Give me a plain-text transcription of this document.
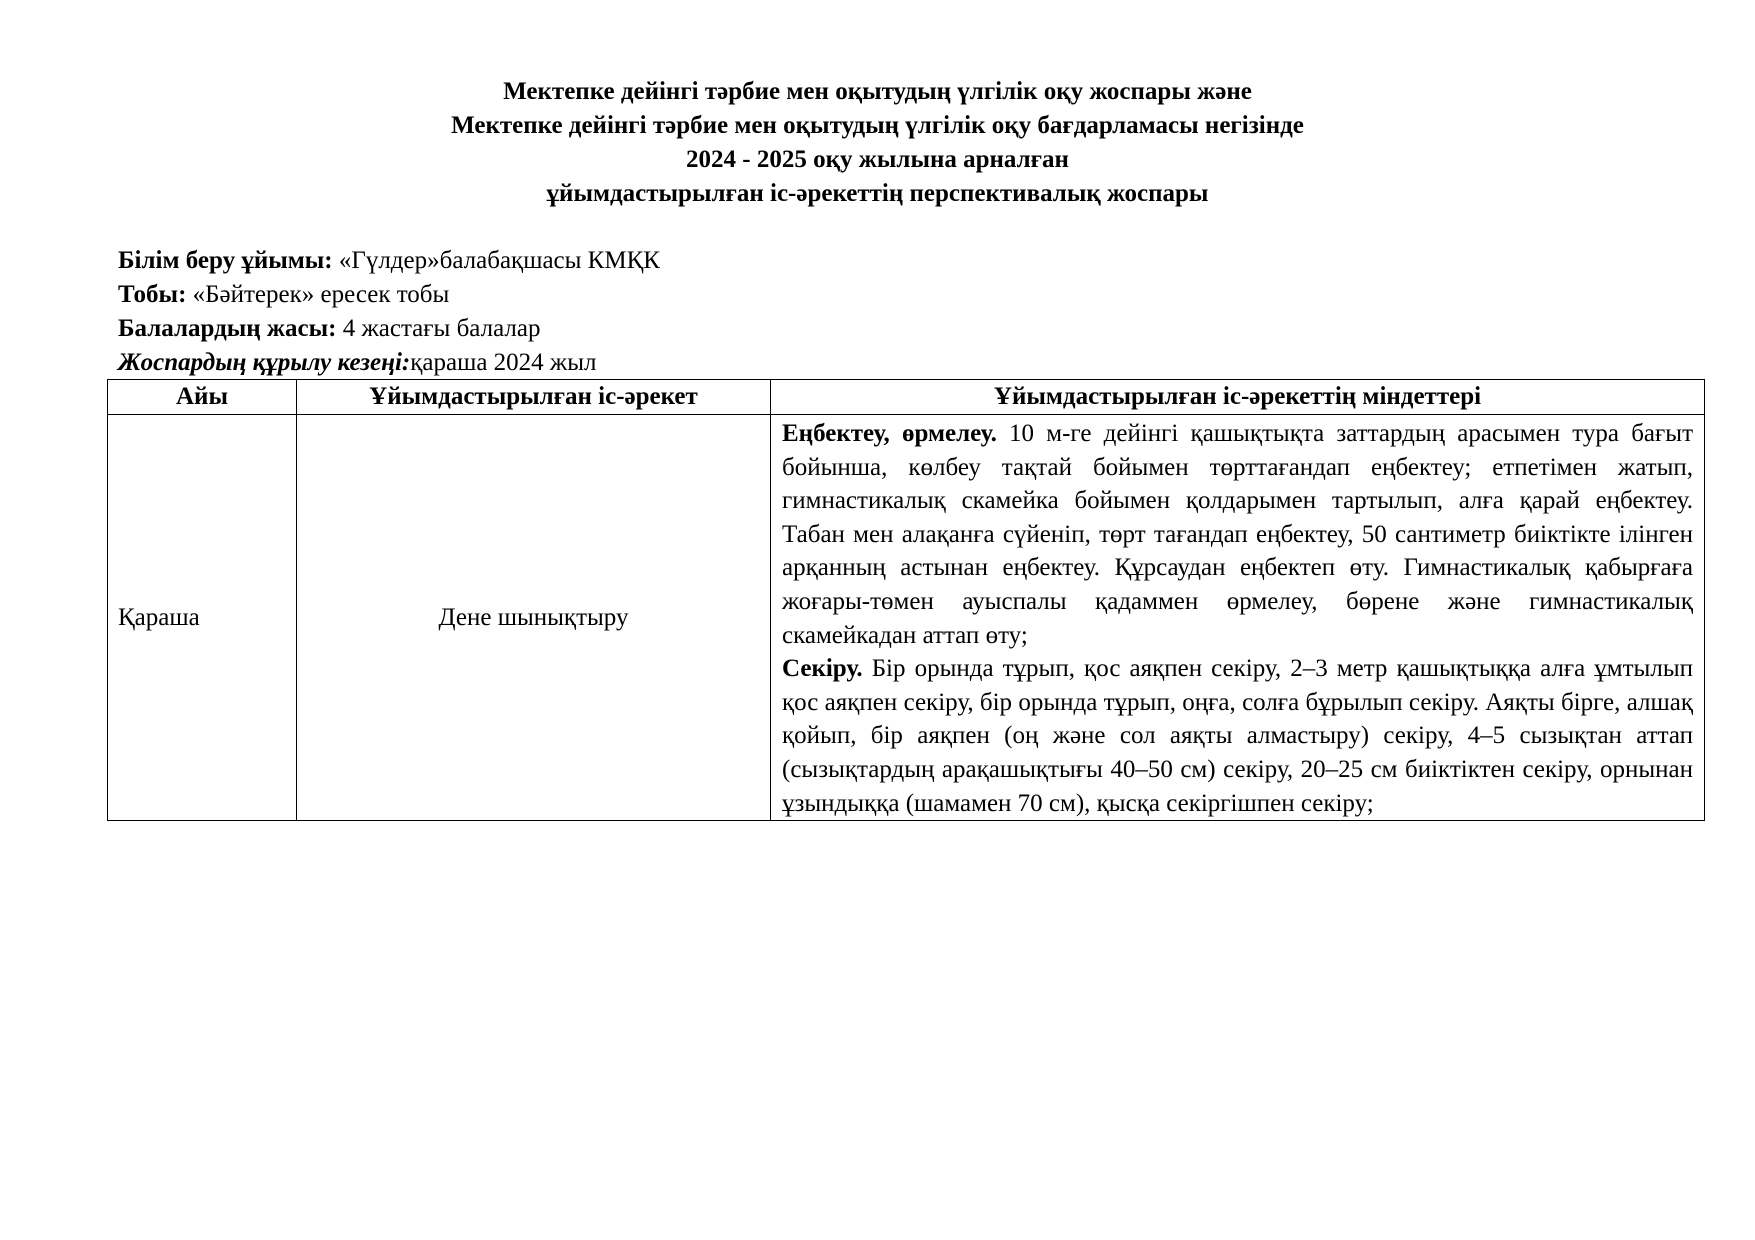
Мектепке дейінгі тәрбие мен оқытудың үлгілік оқу жоспары және
Мектепке дейінгі тәрбие мен оқытудың үлгілік оқу бағдарламасы негізінде
2024 - 2025 оқу жылына арналған
ұйымдастырылған іс-әрекеттің перспективалық жоспары
Білім беру ұйымы: «Гүлдер»балабақшасы КМҚК
Тобы: «Бәйтерек» ересек тобы
Балалардың жасы: 4 жастағы балалар
Жоспардың құрылу кезеңі:қараша 2024 жыл
Айы	Ұйымдастырылған іс-әрекет	Ұйымдастырылған іс-әрекеттің міндеттері
Қараша	Дене шынықтыру	Еңбектеу, өрмелеу. 10 м-ге дейінгі қашықтықта заттардың арасымен тура бағыт бойынша, көлбеу тақтай бойымен төрттағандап еңбектеу; етпетімен жатып, гимнастикалық скамейка бойымен қолдарымен тартылып, алға қарай еңбектеу. Табан мен алақанға сүйеніп, төрт тағандап еңбектеу, 50 сантиметр биіктікте ілінген арқанның астынан еңбектеу. Құрсаудан еңбектеп өту. Гимнастикалық қабырғаға жоғары-төмен ауыспалы қадаммен өрмелеу, бөрене және гимнастикалық скамейкадан аттап өту;

Секіру. Бір орында тұрып, қос аяқпен секіру, 2–3 метр қашықтыққа алға ұмтылып қос аяқпен секіру, бір орында тұрып, оңға, солға бұрылып секіру. Аяқты бірге, алшақ қойып, бір аяқпен (оң және сол аяқты алмастыру) секіру, 4–5 сызықтан аттап (сызықтардың арақашықтығы 40–50 см) секіру, 20–25 см биіктіктен секіру, орнынан ұзындыққа (шамамен 70 см), қысқа секіргішпен секіру;
